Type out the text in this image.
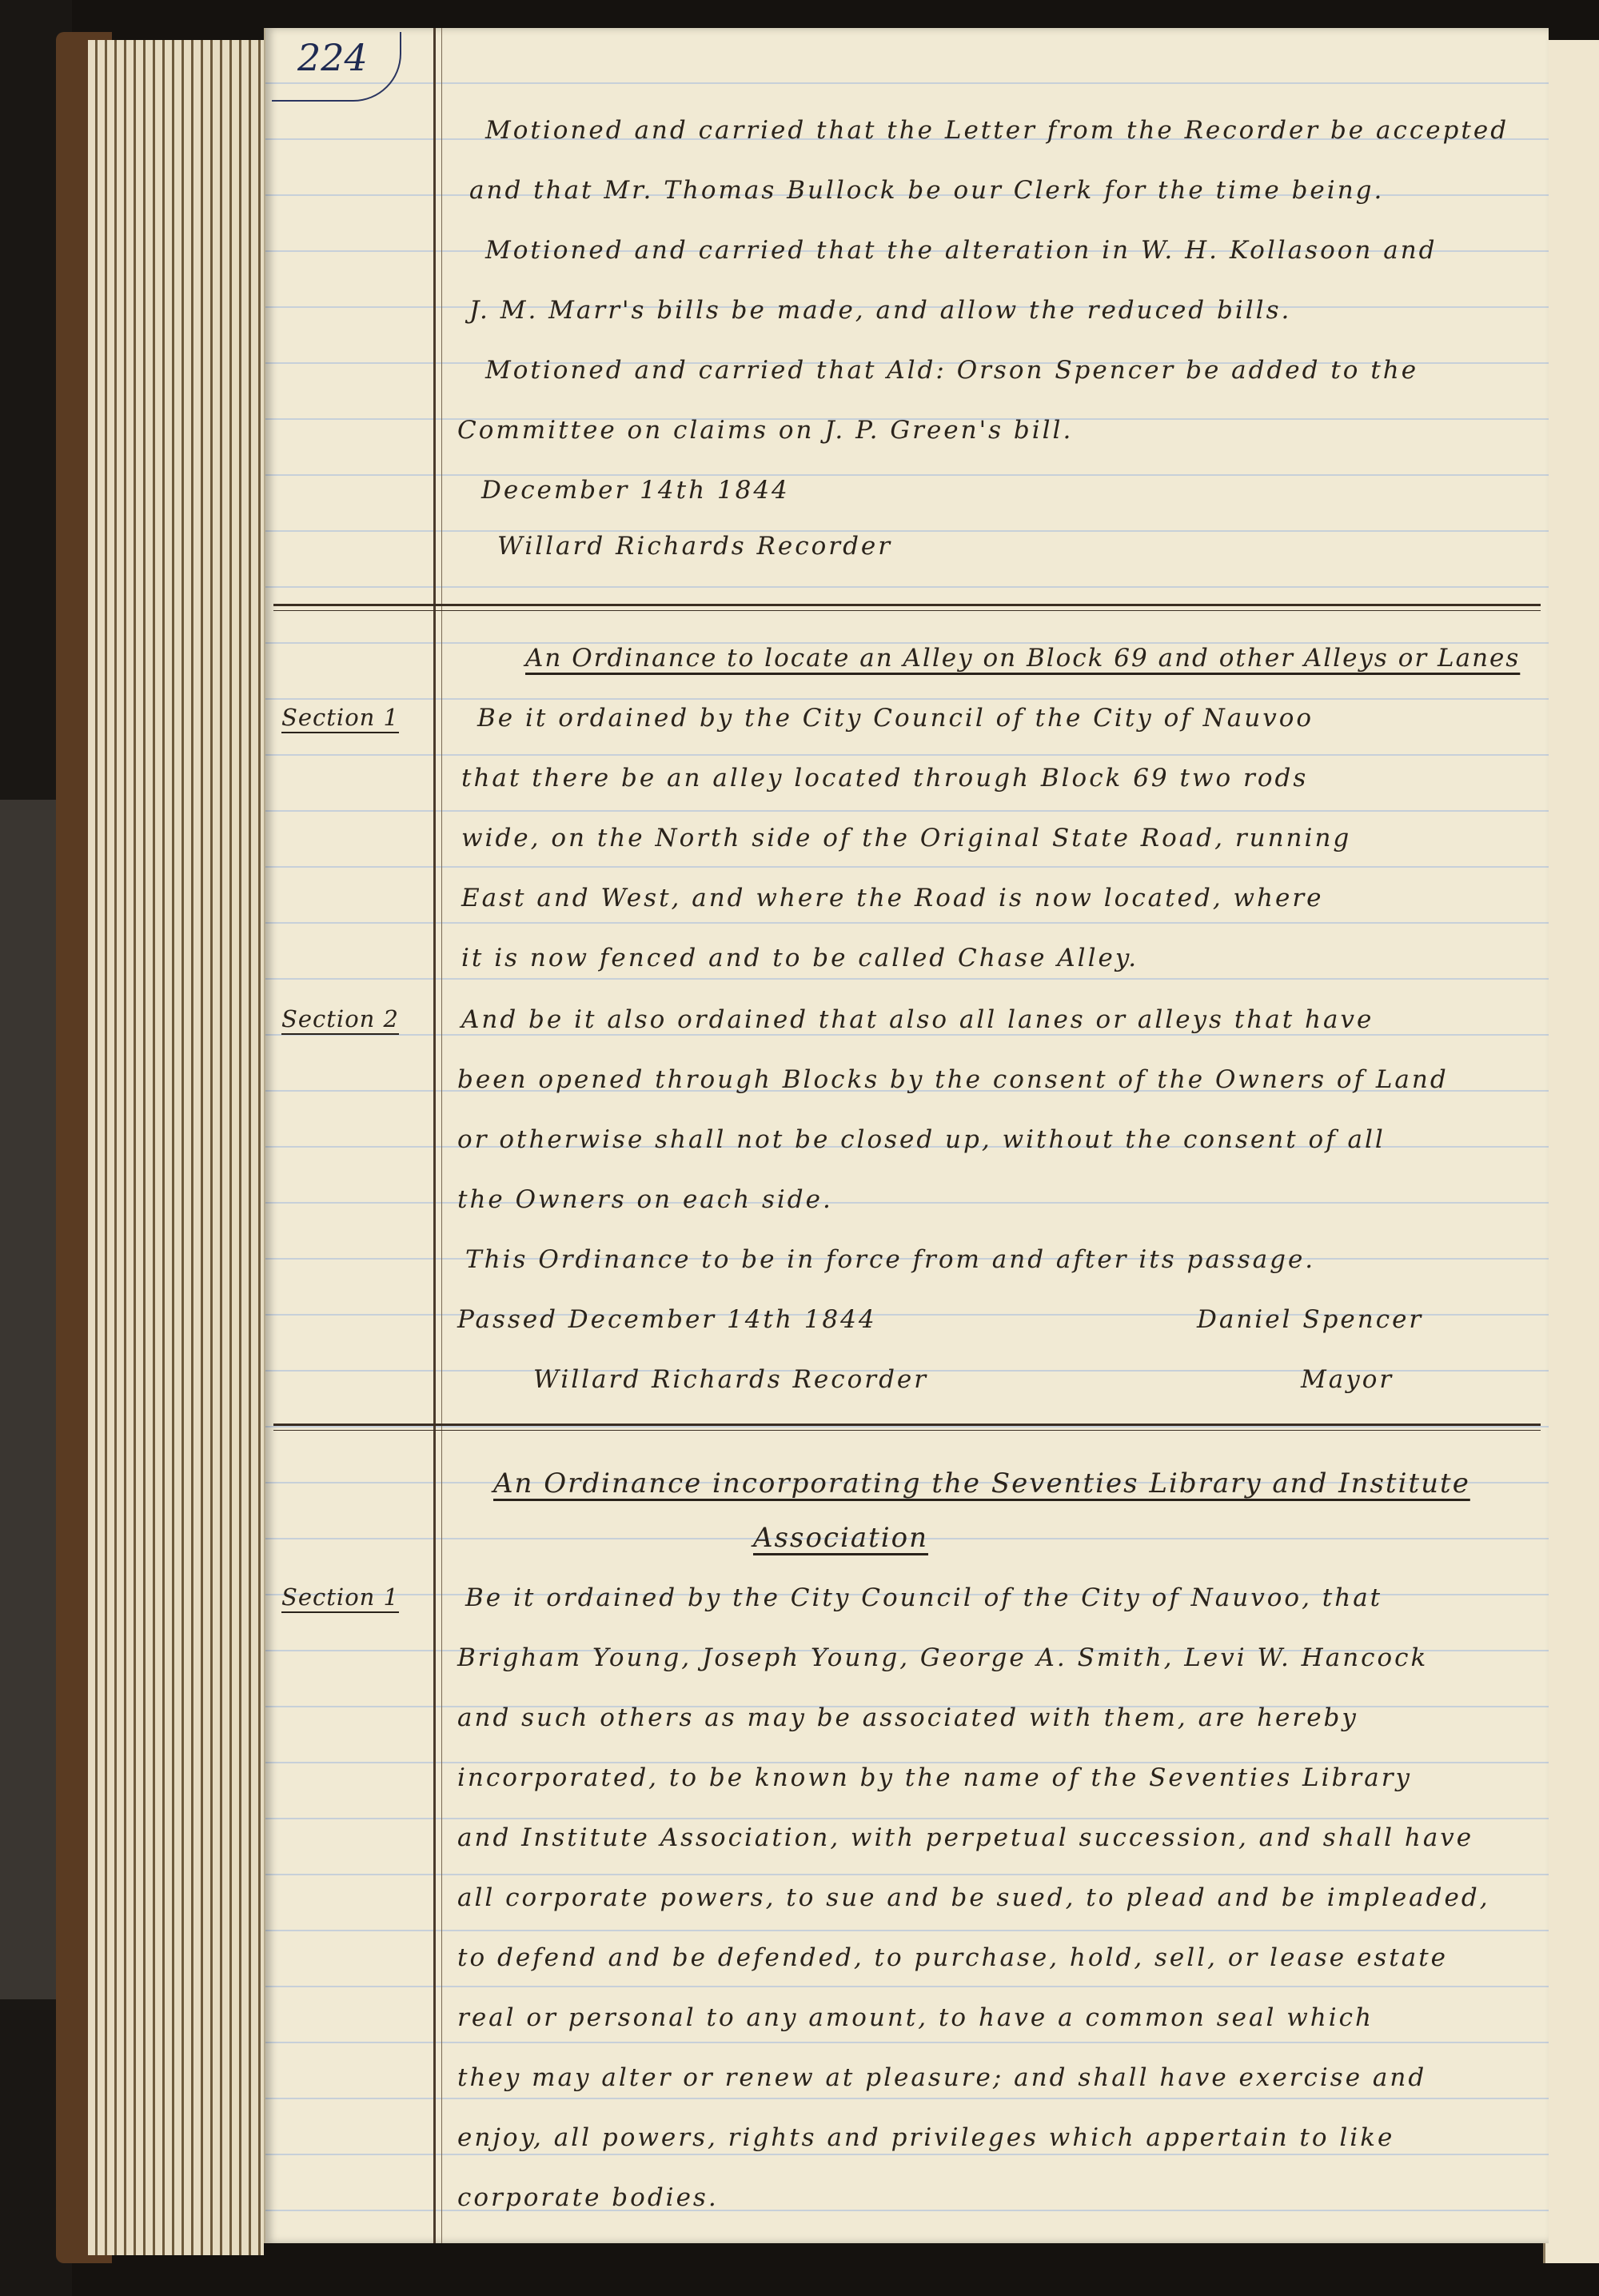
224
Motioned and carried that the Letter from the Recorder be accepted
and that Mr. Thomas Bullock be our Clerk for the time being.
Motioned and carried that the alteration in W. H. Kollasoon and
J. M. Marr's bills be made, and allow the reduced bills.
Motioned and carried that Ald: Orson Spencer be added to the
Committee on claims on J. P. Green's bill.
December 14th 1844
Willard Richards Recorder
An Ordinance to locate an Alley on Block 69 and other Alleys or Lanes
Section 1	Be it ordained by the City Council of the City of Nauvoo
that there be an alley located through Block 69 two rods
wide, on the North side of the Original State Road, running
East and West, and where the Road is now located, where
it is now fenced and to be called Chase Alley.
Section 2	And be it also ordained that also all lanes or alleys that have
been opened through Blocks by the consent of the Owners of Land
or otherwise shall not be closed up, without the consent of all
the Owners on each side.
This Ordinance to be in force from and after its passage.
Passed December 14th 1844	Daniel Spencer
Willard Richards Recorder	Mayor
An Ordinance incorporating the Seventies Library and Institute
Association
Section 1	Be it ordained by the City Council of the City of Nauvoo, that
Brigham Young, Joseph Young, George A. Smith, Levi W. Hancock
and such others as may be associated with them, are hereby
incorporated, to be known by the name of the Seventies Library
and Institute Association, with perpetual succession, and shall have
all corporate powers, to sue and be sued, to plead and be impleaded,
to defend and be defended, to purchase, hold, sell, or lease estate
real or personal to any amount, to have a common seal which
they may alter or renew at pleasure; and shall have exercise and
enjoy, all powers, rights and privileges which appertain to like
corporate bodies.
